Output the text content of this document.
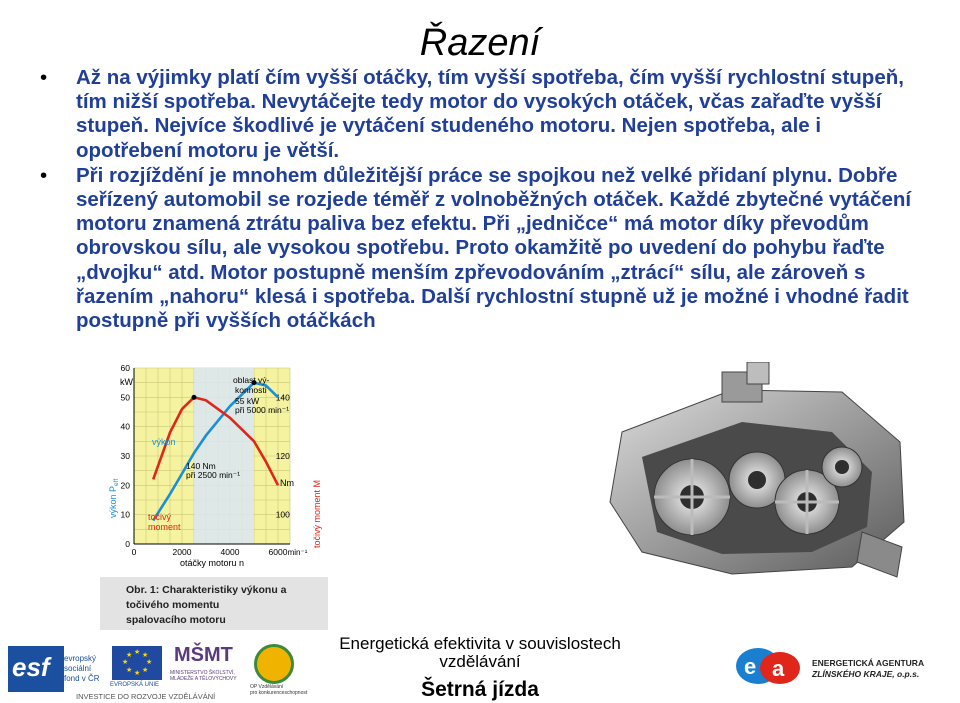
Řazení
• Až na výjimky platí čím vyšší otáčky, tím vyšší spotřeba, čím vyšší rychlostní stupeň, tím nižší spotřeba. Nevytáčejte tedy motor do vysokých otáček, včas zařaďte vyšší stupeň. Nejvíce škodlivé je vytáčení studeného motoru. Nejen spotřeba, ale i opotřebení motoru je větší.
• Při rozjíždění je mnohem důležitější práce se spojkou než velké přidaní plynu. Dobře seřízený automobil se rozjede téměř z volnoběžných otáček. Každé zbytečné vytáčení motoru znamená ztrátu paliva bez efektu. Při „jedničce“ má motor díky převodům obrovskou sílu, ale vysokou spotřebu. Proto okamžitě po uvedení do pohybu řaďte „dvojku“ atd. Motor postupně menším zpřevodováním „ztrácí“ sílu, ale zároveň s řazením „nahoru“ klesá i spotřeba. Další rychlostní stupně už je možné i vhodné řadit postupně při vyšších otáčkách
0
10
20
30
40
50
60
100
120
140
0	2000	4000	6000 min⁻¹
kW
Nm
výkon
točivý
moment
oblast vý-
konnosti
55 kW
při 5000 min⁻¹
140 Nm
při 2500 min⁻¹
otáčky motoru n
výkon $P_{eff}$	točivý moment M
Obr. 1: Charakteristiky výkonu a točivého momentu
spalovacího motoru
Energetická efektivita v souvislostech
vzdělávání
Šetrná jízda
esf	evropský
sociální
fond v ČR
★ ★
★
★
★
★
★
★
EVROPSKÁ UNIE
MŠMT
MINISTERSTVO ŠKOLSTVÍ, MLÁDEŽE A TĚLOVÝCHOVY
OP Vzdělávání
pro konkurenceschopnost
INVESTICE DO ROZVOJE VZDĚLÁVÁNÍ
e a	ENERGETICKÁ AGENTURA
ZLÍNSKÉHO KRAJE, o.p.s.
